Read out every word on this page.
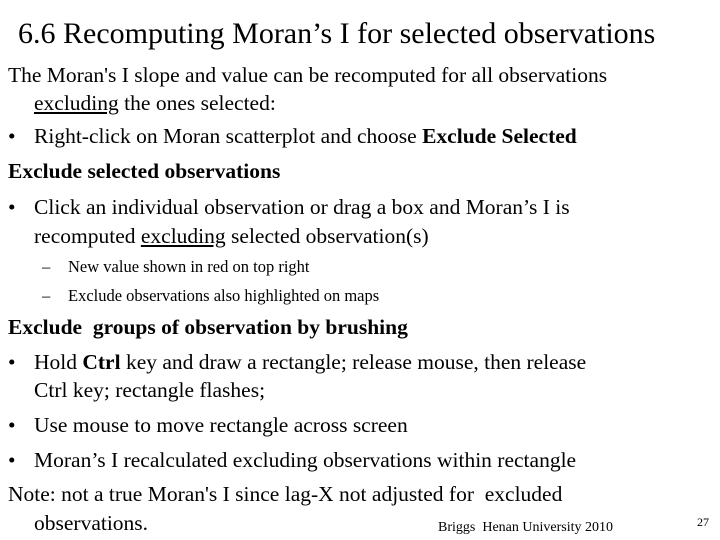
6.6 Recomputing Moran’s I for selected observations
The Moran's I slope and value can be recomputed for all observations
excluding the ones selected:
• Right-click on Moran scatterplot and choose Exclude Selected
Exclude selected observations
• Click an individual observation or drag a box and Moran’s I is
recomputed excluding selected observation(s)
– New value shown in red on top right
– Exclude observations also highlighted on maps
Exclude  groups of observation by brushing
• Hold Ctrl key and draw a rectangle; release mouse, then release
Ctrl key; rectangle flashes;
• Use mouse to move rectangle across screen
• Moran’s I recalculated excluding observations within rectangle
Note: not a true Moran's I since lag-X not adjusted for  excluded
observations.	Briggs  Henan University 2010	27
